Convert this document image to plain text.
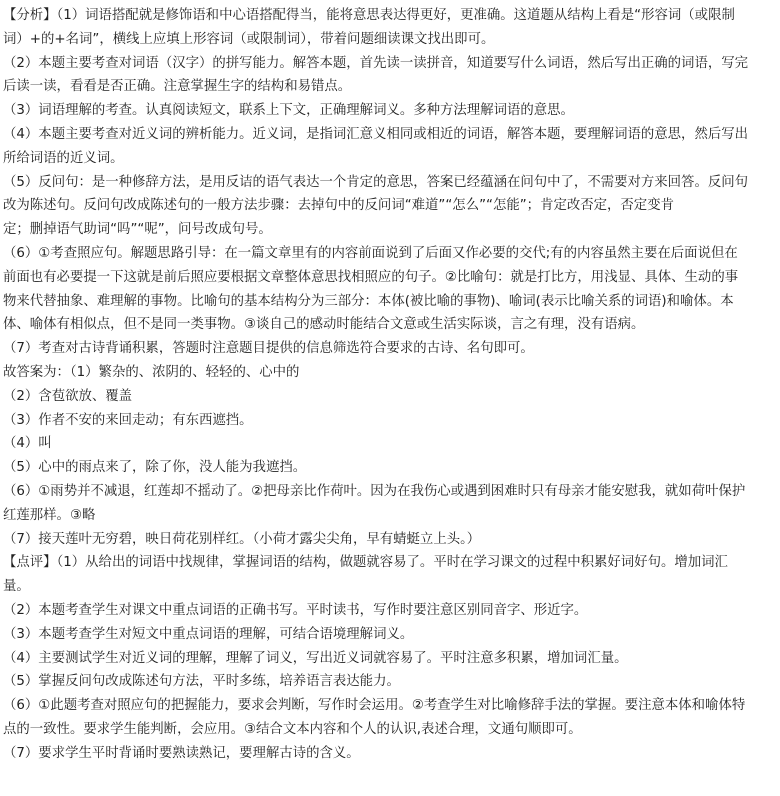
【分析】（1）词语搭配就是修饰语和中心语搭配得当，能将意思表达得更好，更准确。这道题从结构上看是“形容词（或限制
词）+的+名词”，横线上应填上形容词（或限制词），带着问题细读课文找出即可。
（2）本题主要考查对词语（汉字）的拼写能力。解答本题，首先读一读拼音，知道要写什么词语，然后写出正确的词语，写完
后读一读，看看是否正确。注意掌握生字的结构和易错点。
（3）词语理解的考查。认真阅读短文，联系上下文，正确理解词义。多种方法理解词语的意思。
（4）本题主要考查对近义词的辨析能力。近义词，是指词汇意义相同或相近的词语，解答本题，要理解词语的意思，然后写出
所给词语的近义词。
（5）反问句：是一种修辞方法，是用反诘的语气表达一个肯定的意思，答案已经蕴涵在问句中了，不需要对方来回答。反问句
改为陈述句。反问句改成陈述句的一般方法步骤：去掉句中的反问词“难道”“怎么”“怎能”；肯定改否定，否定变肯
定；删掉语气助词“吗”“呢”，问号改成句号。
（6）①考查照应句。解题思路引导：在一篇文章里有的内容前面说到了后面又作必要的交代;有的内容虽然主要在后面说但在
前面也有必要提一下这就是前后照应要根据文章整体意思找相照应的句子。②比喻句：就是打比方，用浅显、具体、生动的事
物来代替抽象、难理解的事物。比喻句的基本结构分为三部分：本体(被比喻的事物)、喻词(表示比喻关系的词语)和喻体。本
体、喻体有相似点，但不是同一类事物。③谈自己的感动时能结合文意或生活实际谈，言之有理，没有语病。
（7）考查对古诗背诵积累，答题时注意题目提供的信息筛选符合要求的古诗、名句即可。
故答案为：（1）繁杂的、浓阴的、轻轻的、心中的
（2）含苞欲放、覆盖
（3）作者不安的来回走动；有东西遮挡。
（4）叫
（5）心中的雨点来了，除了你，没人能为我遮挡。
（6）①雨势并不减退，红莲却不摇动了。②把母亲比作荷叶。因为在我伤心或遇到困难时只有母亲才能安慰我，就如荷叶保护
红莲那样。③略
（7）接天莲叶无穷碧，映日荷花别样红。（小荷才露尖尖角，早有蜻蜓立上头。）
【点评】（1）从给出的词语中找规律，掌握词语的结构，做题就容易了。平时在学习课文的过程中积累好词好句。增加词汇
量。
（2）本题考查学生对课文中重点词语的正确书写。平时读书，写作时要注意区别同音字、形近字。
（3）本题考查学生对短文中重点词语的理解，可结合语境理解词义。
（4）主要测试学生对近义词的理解，理解了词义，写出近义词就容易了。平时注意多积累，增加词汇量。
（5）掌握反问句改成陈述句方法，平时多练，培养语言表达能力。
（6）①此题考查对照应句的把握能力，要求会判断，写作时会运用。②考查学生对比喻修辞手法的掌握。要注意本体和喻体特
点的一致性。要求学生能判断，会应用。③结合文本内容和个人的认识,表述合理，文通句顺即可。
（7）要求学生平时背诵时要熟读熟记，要理解古诗的含义。
